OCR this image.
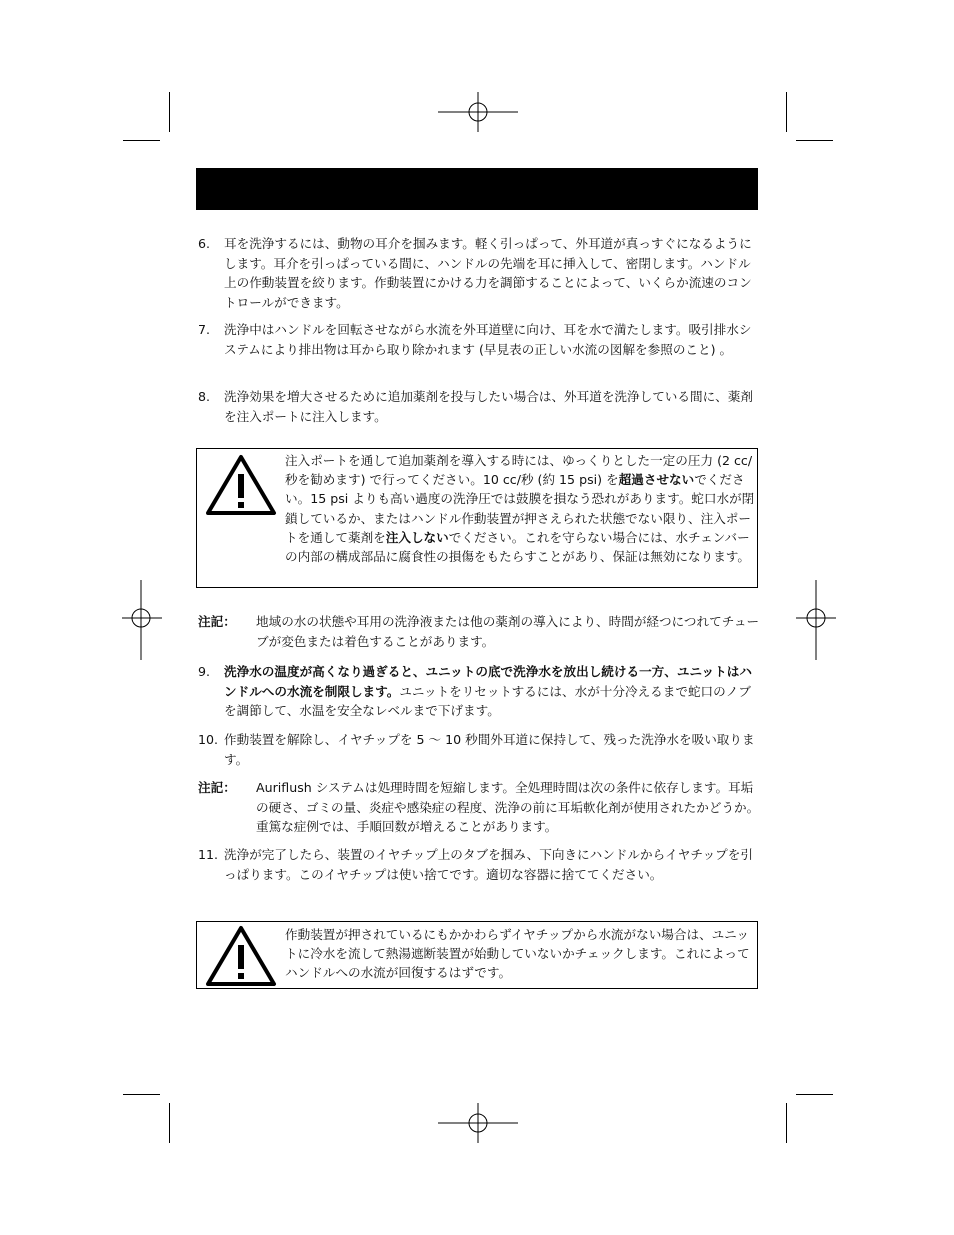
6.	耳を洗浄するには、動物の耳介を掴みます。軽く引っぱって、外耳道が真っすぐになるようにします。耳介を引っぱっている間に、ハンドルの先端を耳に挿入して、密閉します。ハンドル上の作動装置を絞ります。作動装置にかける力を調節することによって、いくらか流速のコントロールができます。
7.	洗浄中はハンドルを回転させながら水流を外耳道壁に向け、耳を水で満たします。吸引排水システムにより排出物は耳から取り除かれます (早見表の正しい水流の図解を参照のこと) 。
8.	洗浄効果を増大させるために追加薬剤を投与したい場合は、外耳道を洗浄している間に、薬剤を注入ポートに注入します。
注入ポートを通して追加薬剤を導入する時には、ゆっくりとした一定の圧力 (2 cc/秒を勧めます) で行ってください。10 cc/秒 (約 15 psi) を超過させないでください。15 psi よりも高い過度の洗浄圧では鼓膜を損なう恐れがあります。蛇口水が閉鎖しているか、またはハンドル作動装置が押さえられた状態でない限り、注入ポートを通して薬剤を注入しないでください。これを守らない場合には、水チェンバーの内部の構成部品に腐食性の損傷をもたらすことがあり、保証は無効になります。
注記：	地域の水の状態や耳用の洗浄液または他の薬剤の導入により、時間が経つにつれてチューブが変色または着色することがあります。
9.	洗浄水の温度が高くなり過ぎると、ユニットの底で洗浄水を放出し続ける一方、ユニットはハンドルへの水流を制限します。ユニットをリセットするには、水が十分冷えるまで蛇口のノブを調節して、水温を安全なレベルまで下げます。
10. 作動装置を解除し、イヤチップを 5 〜 10 秒間外耳道に保持して、残った洗浄水を吸い取ります。
注記：	Auriflush システムは処理時間を短縮します。全処理時間は次の条件に依存します。耳垢の硬さ、ゴミの量、炎症や感染症の程度、洗浄の前に耳垢軟化剤が使用されたかどうか。重篤な症例では、手順回数が増えることがあります。
11. 洗浄が完了したら、装置のイヤチップ上のタブを掴み、下向きにハンドルからイヤチップを引っぱります。このイヤチップは使い捨てです。適切な容器に捨ててください。
作動装置が押されているにもかかわらずイヤチップから水流がない場合は、ユニットに冷水を流して熱湯遮断装置が始動していないかチェックします。これによってハンドルへの水流が回復するはずです。
